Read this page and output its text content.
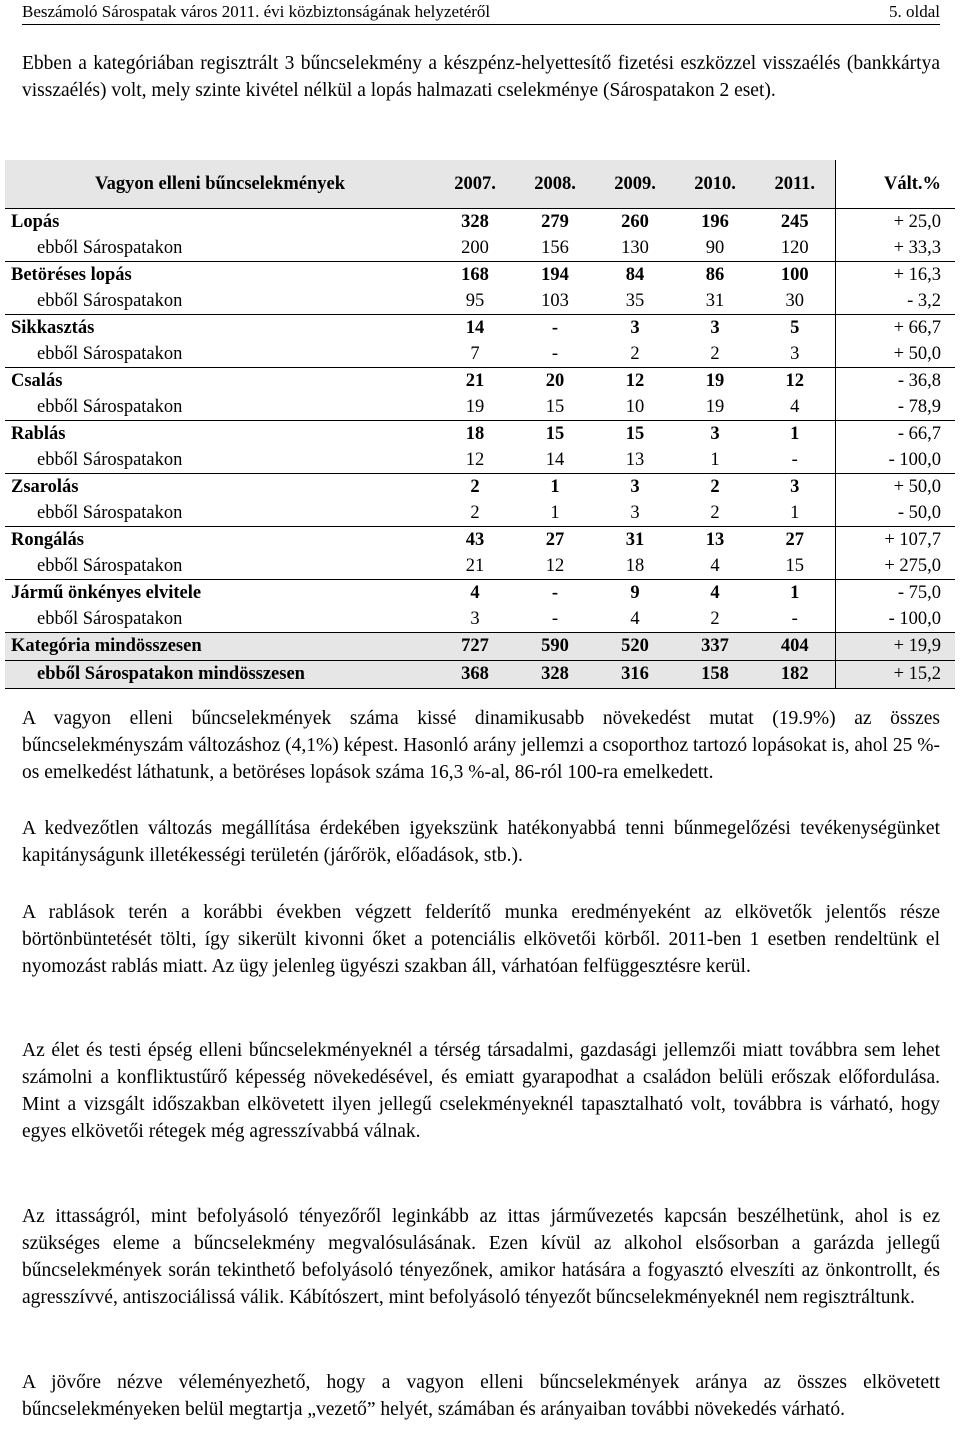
Beszámoló Sárospatak város 2011. évi közbiztonságának helyzetéről	5. oldal

Ebben a kategóriában regisztrált 3 bűncselekmény a készpénz-helyettesítő fizetési eszközzel visszaélés (bankkártya visszaélés) volt, mely szinte kivétel nélkül a lopás halmazati cselekménye (Sárospatakon 2 eset).

Vagyon elleni bűncselekmények	2007.	2008.	2009.	2010.	2011.	Vált.%
Lopás	328	279	260	196	245	+ 25,0
ebből Sárospatakon	200	156	130	90	120	+ 33,3
Betöréses lopás	168	194	84	86	100	+ 16,3
ebből Sárospatakon	95	103	35	31	30	- 3,2
Sikkasztás	14	-	3	3	5	+ 66,7
ebből Sárospatakon	7	-	2	2	3	+ 50,0
Csalás	21	20	12	19	12	- 36,8
ebből Sárospatakon	19	15	10	19	4	- 78,9
Rablás	18	15	15	3	1	- 66,7
ebből Sárospatakon	12	14	13	1	-	- 100,0
Zsarolás	2	1	3	2	3	+ 50,0
ebből Sárospatakon	2	1	3	2	1	- 50,0
Rongálás	43	27	31	13	27	+ 107,7
ebből Sárospatakon	21	12	18	4	15	+ 275,0
Jármű önkényes elvitele	4	-	9	4	1	- 75,0
ebből Sárospatakon	3	-	4	2	-	- 100,0
Kategória mindösszesen	727	590	520	337	404	+ 19,9
ebből Sárospatakon mindösszesen	368	328	316	158	182	+ 15,2

A vagyon elleni bűncselekmények száma kissé dinamikusabb növekedést mutat (19.9%) az összes bűncselekményszám változáshoz (4,1%) képest. Hasonló arány jellemzi a csoporthoz tartozó lopásokat is, ahol 25 %-os emelkedést láthatunk, a betöréses lopások száma 16,3 %-al, 86-ról 100-ra emelkedett.

A kedvezőtlen változás megállítása érdekében igyekszünk hatékonyabbá tenni bűnmegelőzési tevékenységünket kapitányságunk illetékességi területén (járőrök, előadások, stb.).

A rablások terén a korábbi években végzett felderítő munka eredményeként az elkövetők jelentős része börtönbüntetését tölti, így sikerült kivonni őket a potenciális elkövetői körből. 2011-ben 1 esetben rendeltünk el nyomozást rablás miatt. Az ügy jelenleg ügyészi szakban áll, várhatóan felfüggesztésre kerül.

Az élet és testi épség elleni bűncselekményeknél a térség társadalmi, gazdasági jellemzői miatt továbbra sem lehet számolni a konfliktustűrő képesség növekedésével, és emiatt gyarapodhat a családon belüli erőszak előfordulása. Mint a vizsgált időszakban elkövetett ilyen jellegű cselekményeknél tapasztalható volt, továbbra is várható, hogy egyes elkövetői rétegek még agresszívabbá válnak.

Az ittasságról, mint befolyásoló tényezőről leginkább az ittas járművezetés kapcsán beszélhetünk, ahol is ez szükséges eleme a bűncselekmény megvalósulásának. Ezen kívül az alkohol elsősorban a garázda jellegű bűncselekmények során tekinthető befolyásoló tényezőnek, amikor hatására a fogyasztó elveszíti az önkontrollt, és agresszívvé, antiszociálissá válik. Kábítószert, mint befolyásoló tényezőt bűncselekményeknél nem regisztráltunk.

A jövőre nézve véleményezhető, hogy a vagyon elleni bűncselekmények aránya az összes elkövetett bűncselekményeken belül megtartja „vezető” helyét, számában és arányaiban további növekedés várható.
